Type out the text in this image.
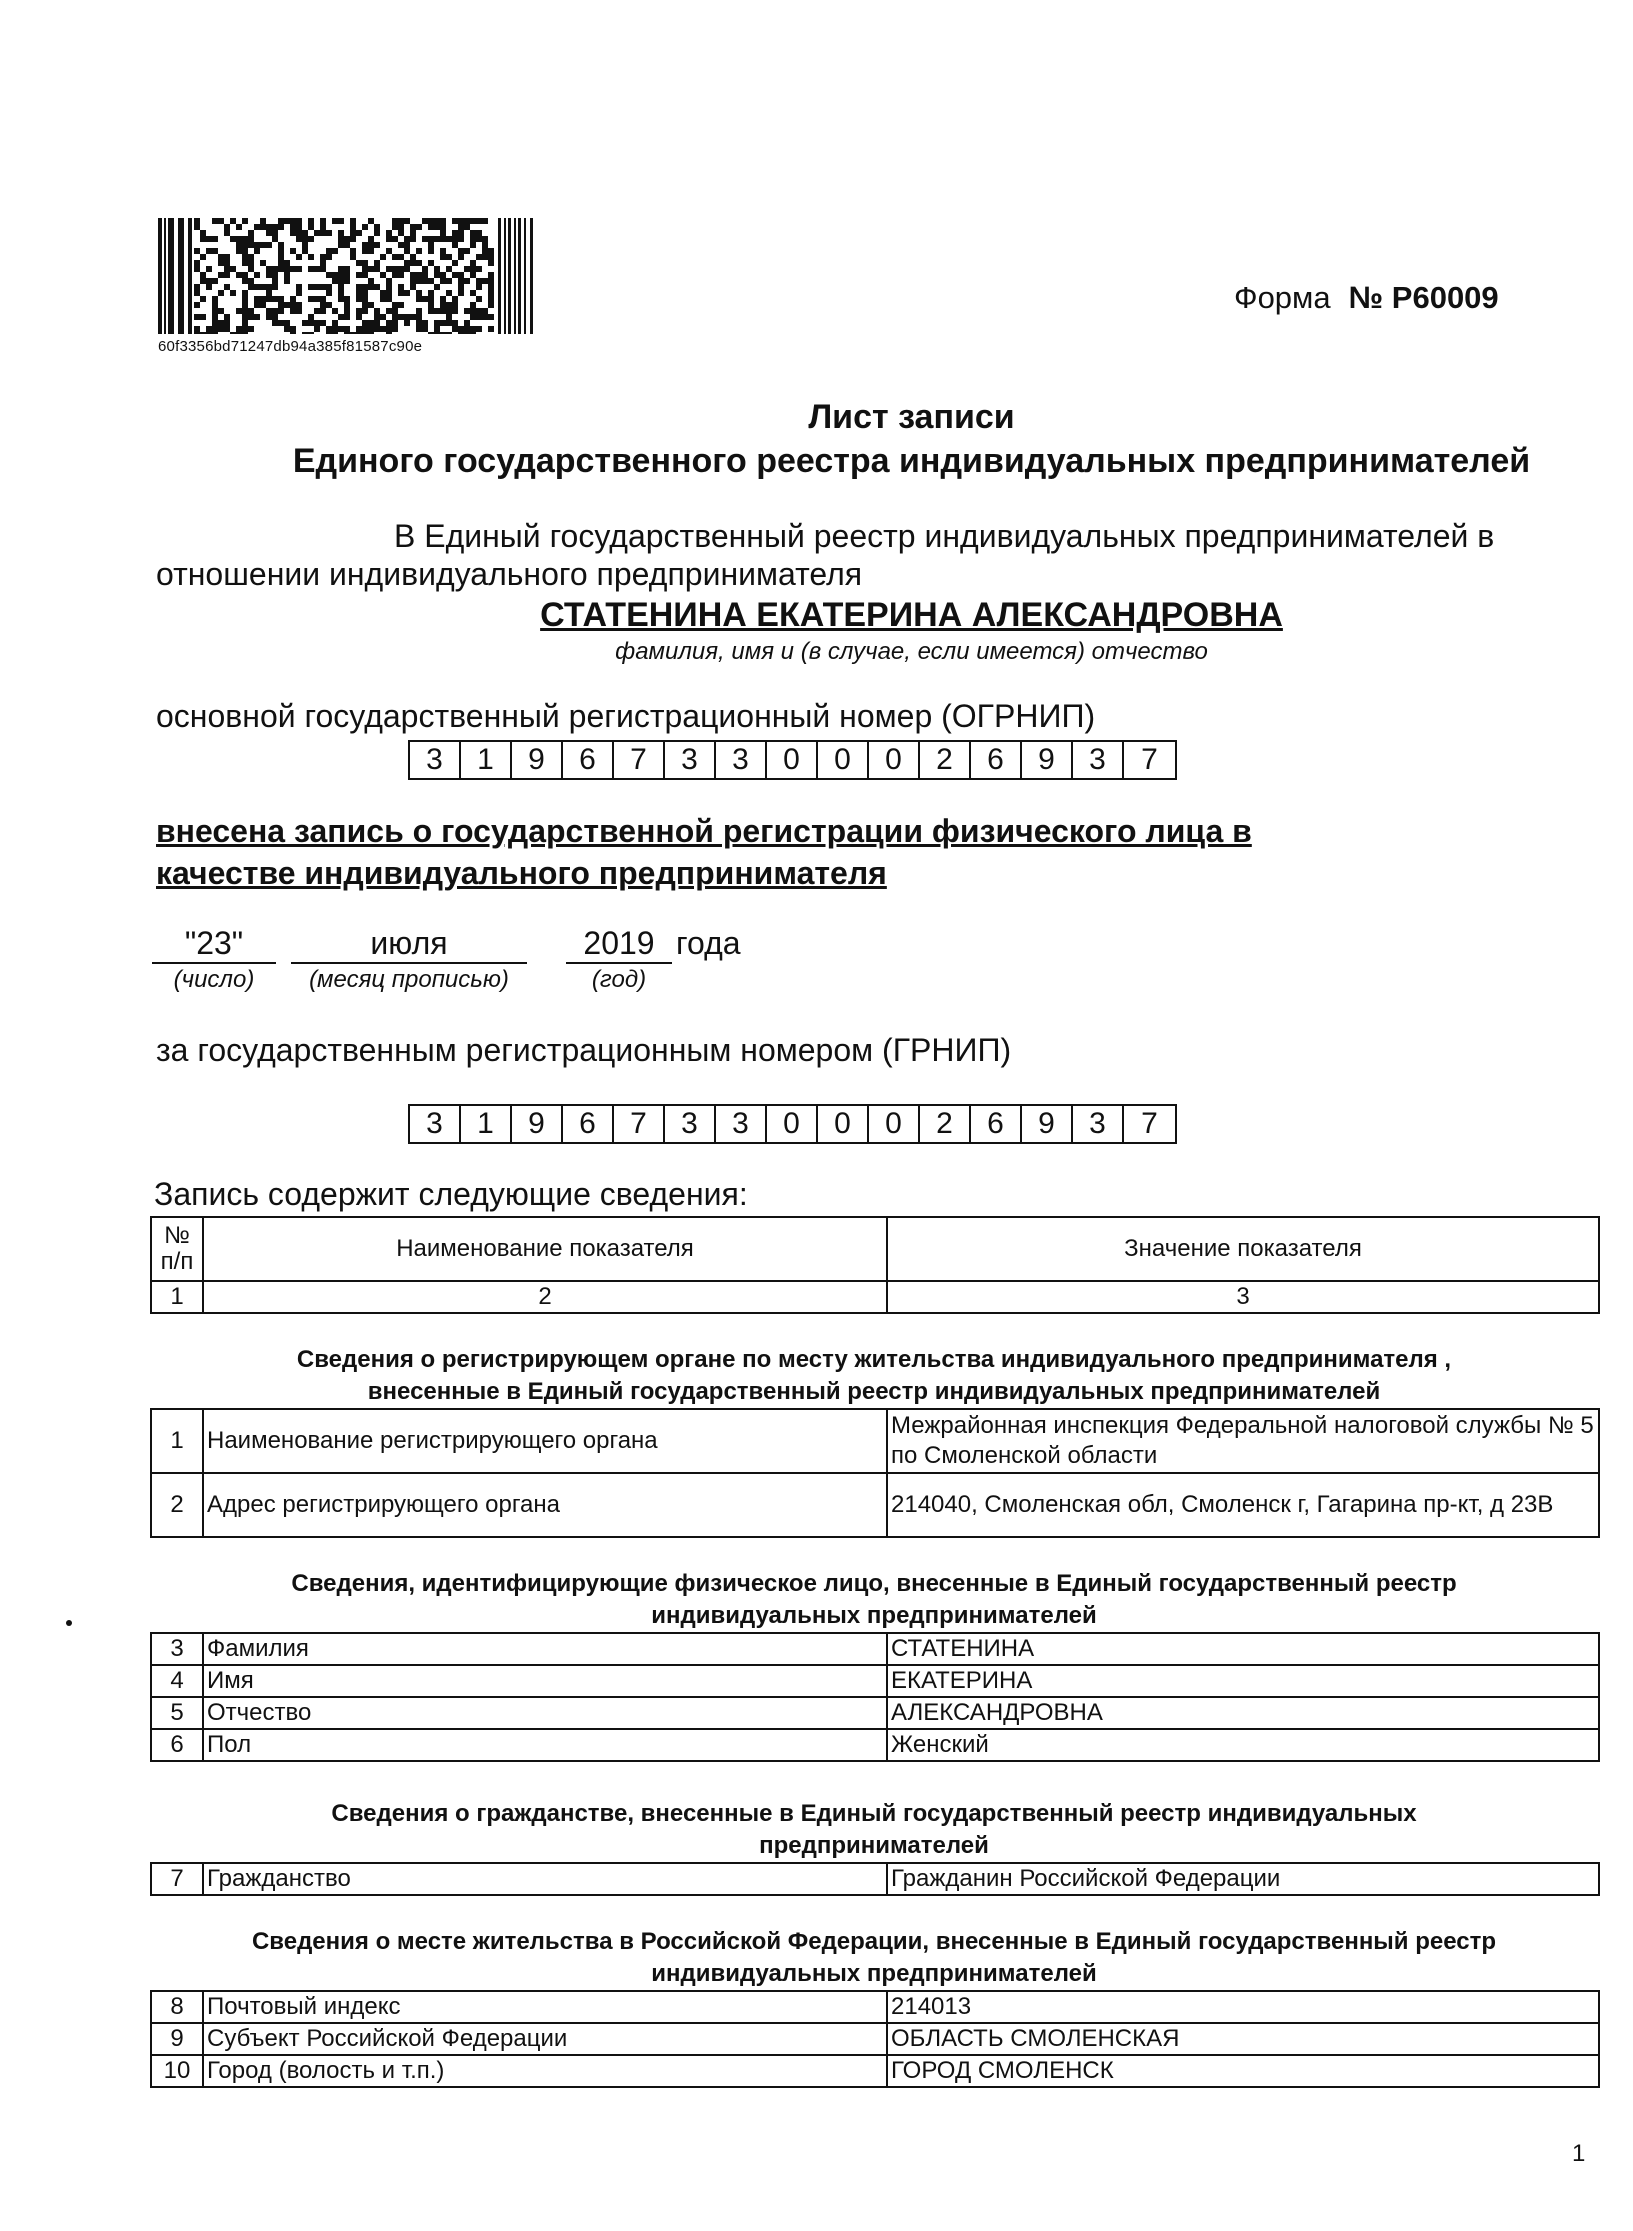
60f3356bd71247db94a385f81587c90e
Форма № Р60009
Лист записи
Единого государственного реестра индивидуальных предпринимателей
В Единый государственный реестр индивидуальных предпринимателей в
отношении индивидуального предпринимателя
СТАТЕНИНА ЕКАТЕРИНА АЛЕКСАНДРОВНА
фамилия, имя и (в случае, если имеется) отчество
основной государственный регистрационный номер (ОГРНИП)
3	1	9	6	7	3	3	0	0	0	2	6	9	3	7
внесена запись о государственной регистрации физического лица в
качестве индивидуального предпринимателя
"23"	июля	2019 года
(число)	(месяц прописью)	(год)
за государственным регистрационным номером (ГРНИП)
3	1	9	6	7	3	3	0	0	0	2	6	9	3	7
Запись содержит следующие сведения:
№ п/п	Наименование показателя	Значение показателя
1	2	3
Сведения о регистрирующем органе по месту жительства индивидуального предпринимателя ,
внесенные в Единый государственный реестр индивидуальных предпринимателей
1	Наименование регистрирующего органа	Межрайонная инспекция Федеральной налоговой службы № 5 по Смоленской области
2	Адрес регистрирующего органа	214040, Смоленская обл, Смоленск г, Гагарина пр-кт, д 23В
Сведения, идентифицирующие физическое лицо, внесенные в Единый государственный реестр
индивидуальных предпринимателей
3	Фамилия	СТАТЕНИНА
4	Имя	ЕКАТЕРИНА
5	Отчество	АЛЕКСАНДРОВНА
6	Пол	Женский
Сведения о гражданстве, внесенные в Единый государственный реестр индивидуальных
предпринимателей
7	Гражданство	Гражданин Российской Федерации
Сведения о месте жительства в Российской Федерации, внесенные в Единый государственный реестр
индивидуальных предпринимателей
8	Почтовый индекс	214013
9	Субъект Российской Федерации	ОБЛАСТЬ СМОЛЕНСКАЯ
10	Город (волость и т.п.)	ГОРОД СМОЛЕНСК
1
